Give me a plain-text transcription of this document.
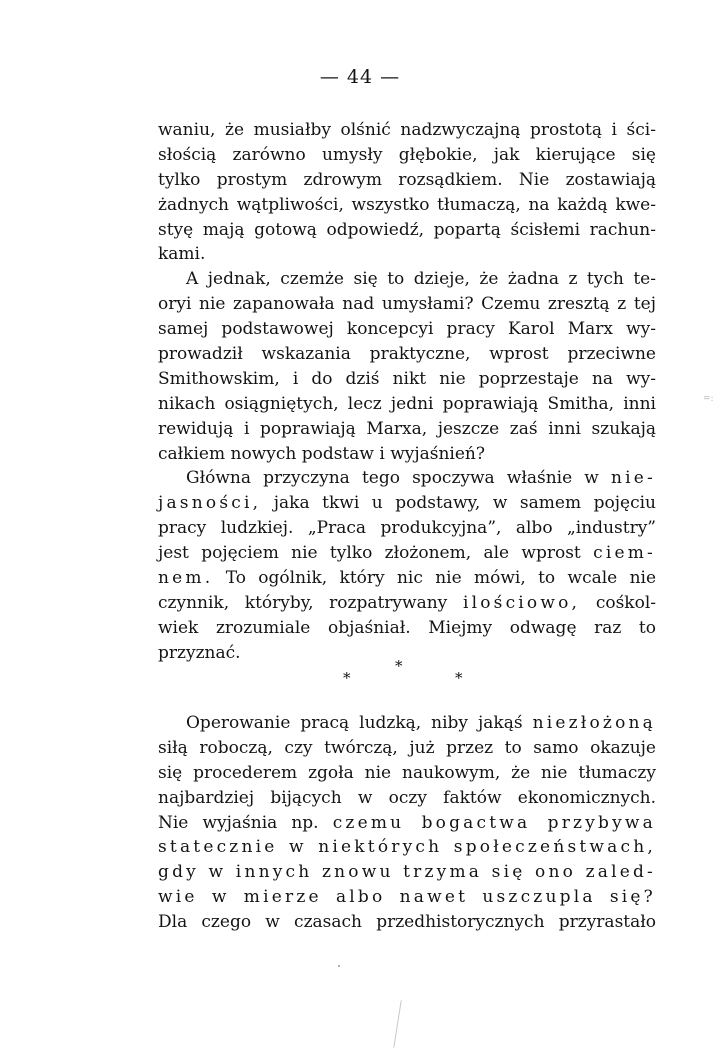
— 44 —
waniu, że musiałby olśnić nadzwyczajną prostotą i ści-
słością zarówno umysły głębokie, jak kierujące się
tylko prostym zdrowym rozsądkiem. Nie zostawiają
żadnych wątpliwości, wszystko tłumaczą, na każdą kwe-
styę mają gotową odpowiedź, popartą ścisłemi rachun-
kami.
A jednak, czemże się to dzieje, że żadna z tych te-
oryi nie zapanowała nad umysłami? Czemu zresztą z tej
samej podstawowej koncepcyi pracy Karol Marx wy-
prowadził wskazania praktyczne, wprost przeciwne
Smithowskim, i do dziś nikt nie poprzestaje na wy-
nikach osiągniętych, lecz jedni poprawiają Smitha, inni
rewidują i poprawiają Marxa, jeszcze zaś inni szukają
całkiem nowych podstaw i wyjaśnień?
Główna przyczyna tego spoczywa właśnie w nie-
jasności, jaka tkwi u podstawy, w samem pojęciu
pracy ludzkiej. „Praca produkcyjna”, albo „industry”
jest pojęciem nie tylko złożonem, ale wprost ciem-
nem. To ogólnik, który nic nie mówi, to wcale nie
czynnik, któryby, rozpatrywany ilościowo, cośkol-
wiek zrozumiale objaśniał. Miejmy odwagę raz to
przyznać.
*
*	*
Operowanie pracą ludzką, niby jakąś niezłożoną
siłą roboczą, czy twórczą, już przez to samo okazuje
się procederem zgoła nie naukowym, że nie tłumaczy
najbardziej bijących w oczy faktów ekonomicznych.
Nie wyjaśnia np. czemu bogactwa przybywa
statecznie w niektórych społeczeństwach,
gdy w innych znowu trzyma się ono zaled-
wie w mierze albo nawet uszczupla się?
Dla czego w czasach przedhistorycznych przyrastało
=:
